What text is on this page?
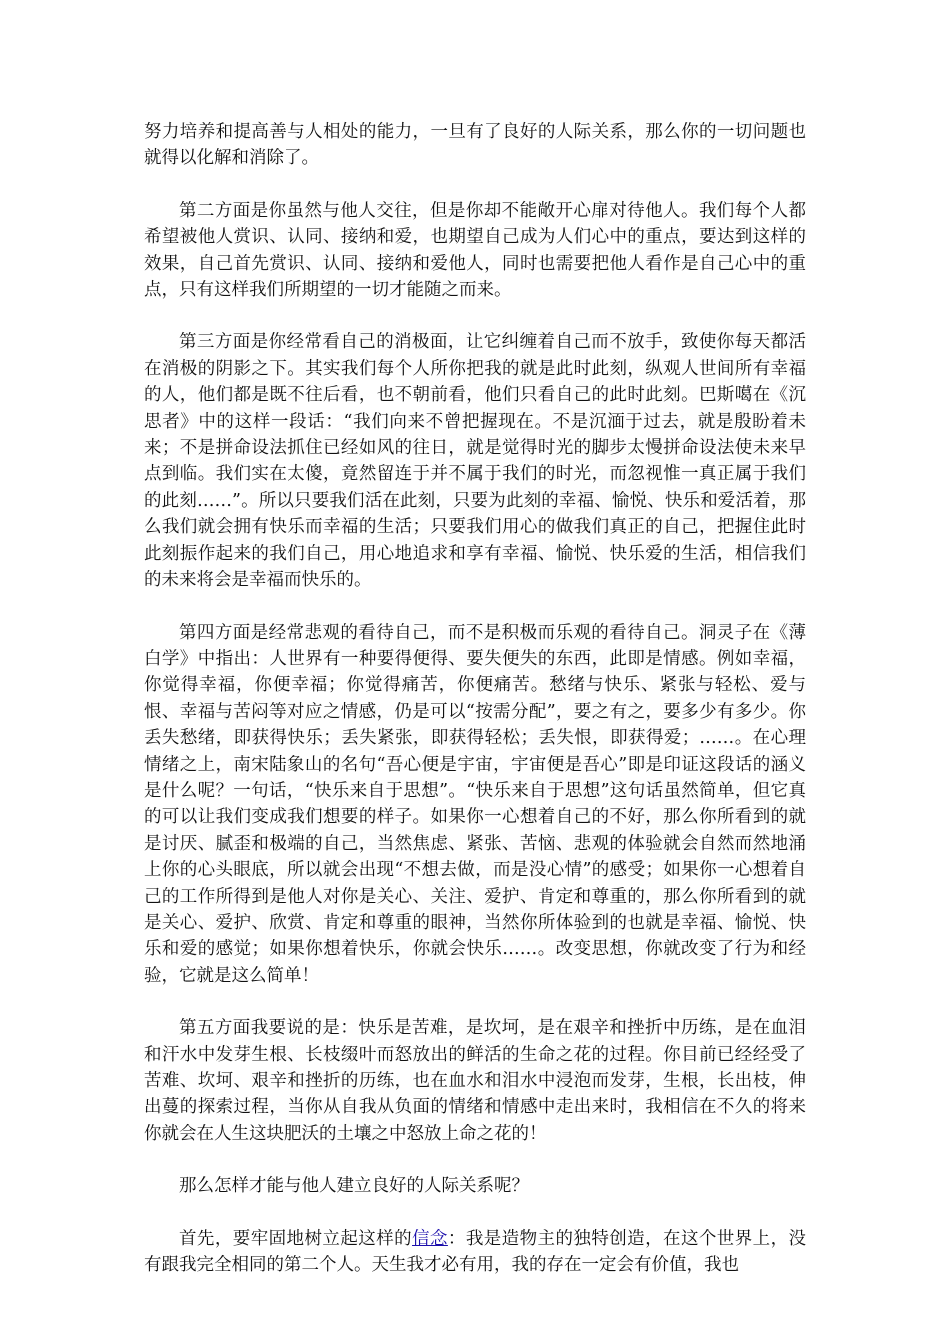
努力培养和提高善与人相处的能力，一旦有了良好的人际关系，那么你的一切问题也就得以化解和消除了。

第二方面是你虽然与他人交往，但是你却不能敞开心扉对待他人。我们每个人都希望被他人赏识、认同、接纳和爱，也期望自己成为人们心中的重点，要达到这样的效果，自己首先赏识、认同、接纳和爱他人，同时也需要把他人看作是自己心中的重点，只有这样我们所期望的一切才能随之而来。

第三方面是你经常看自己的消极面，让它纠缠着自己而不放手，致使你每天都活在消极的阴影之下。其实我们每个人所你把我的就是此时此刻，纵观人世间所有幸福的人，他们都是既不往后看，也不朝前看，他们只看自己的此时此刻。巴斯噶在《沉思者》中的这样一段话：“我们向来不曾把握现在。不是沉湎于过去，就是殷盼着未来；不是拼命设法抓住已经如风的往日，就是觉得时光的脚步太慢拼命设法使未来早点到临。我们实在太傻，竟然留连于并不属于我们的时光，而忽视惟一真正属于我们的此刻……”。所以只要我们活在此刻，只要为此刻的幸福、愉悦、快乐和爱活着，那么我们就会拥有快乐而幸福的生活；只要我们用心的做我们真正的自己，把握住此时此刻振作起来的我们自己，用心地追求和享有幸福、愉悦、快乐爱的生活，相信我们的未来将会是幸福而快乐的。

第四方面是经常悲观的看待自己，而不是积极而乐观的看待自己。洞灵子在《薄白学》中指出：人世界有一种要得便得、要失便失的东西，此即是情感。例如幸福，你觉得幸福，你便幸福；你觉得痛苦，你便痛苦。愁绪与快乐、紧张与轻松、爱与恨、幸福与苦闷等对应之情感，仍是可以“按需分配”，要之有之，要多少有多少。你丢失愁绪，即获得快乐；丢失紧张，即获得轻松；丢失恨，即获得爱；……。在心理情绪之上，南宋陆象山的名句“吾心便是宇宙，宇宙便是吾心”即是印证这段话的涵义是什么呢？一句话，“快乐来自于思想”。“快乐来自于思想”这句话虽然简单，但它真的可以让我们变成我们想要的样子。如果你一心想着自己的不好，那么你所看到的就是讨厌、腻歪和极端的自己，当然焦虑、紧张、苦恼、悲观的体验就会自然而然地涌上你的心头眼底，所以就会出现“不想去做，而是没心情”的感受；如果你一心想着自己的工作所得到是他人对你是关心、关注、爱护、肯定和尊重的，那么你所看到的就是关心、爱护、欣赏、肯定和尊重的眼神，当然你所体验到的也就是幸福、愉悦、快乐和爱的感觉；如果你想着快乐，你就会快乐……。改变思想，你就改变了行为和经验，它就是这么简单！

第五方面我要说的是：快乐是苦难，是坎坷，是在艰辛和挫折中历练，是在血泪和汗水中发芽生根、长枝缀叶而怒放出的鲜活的生命之花的过程。你目前已经经受了苦难、坎坷、艰辛和挫折的历练，也在血水和泪水中浸泡而发芽，生根，长出枝，伸出蔓的探索过程，当你从自我从负面的情绪和情感中走出来时，我相信在不久的将来你就会在人生这块肥沃的土壤之中怒放上命之花的！

那么怎样才能与他人建立良好的人际关系呢？

首先，要牢固地树立起这样的信念：我是造物主的独特创造，在这个世界上，没有跟我完全相同的第二个人。天生我才必有用，我的存在一定会有价值，我也
